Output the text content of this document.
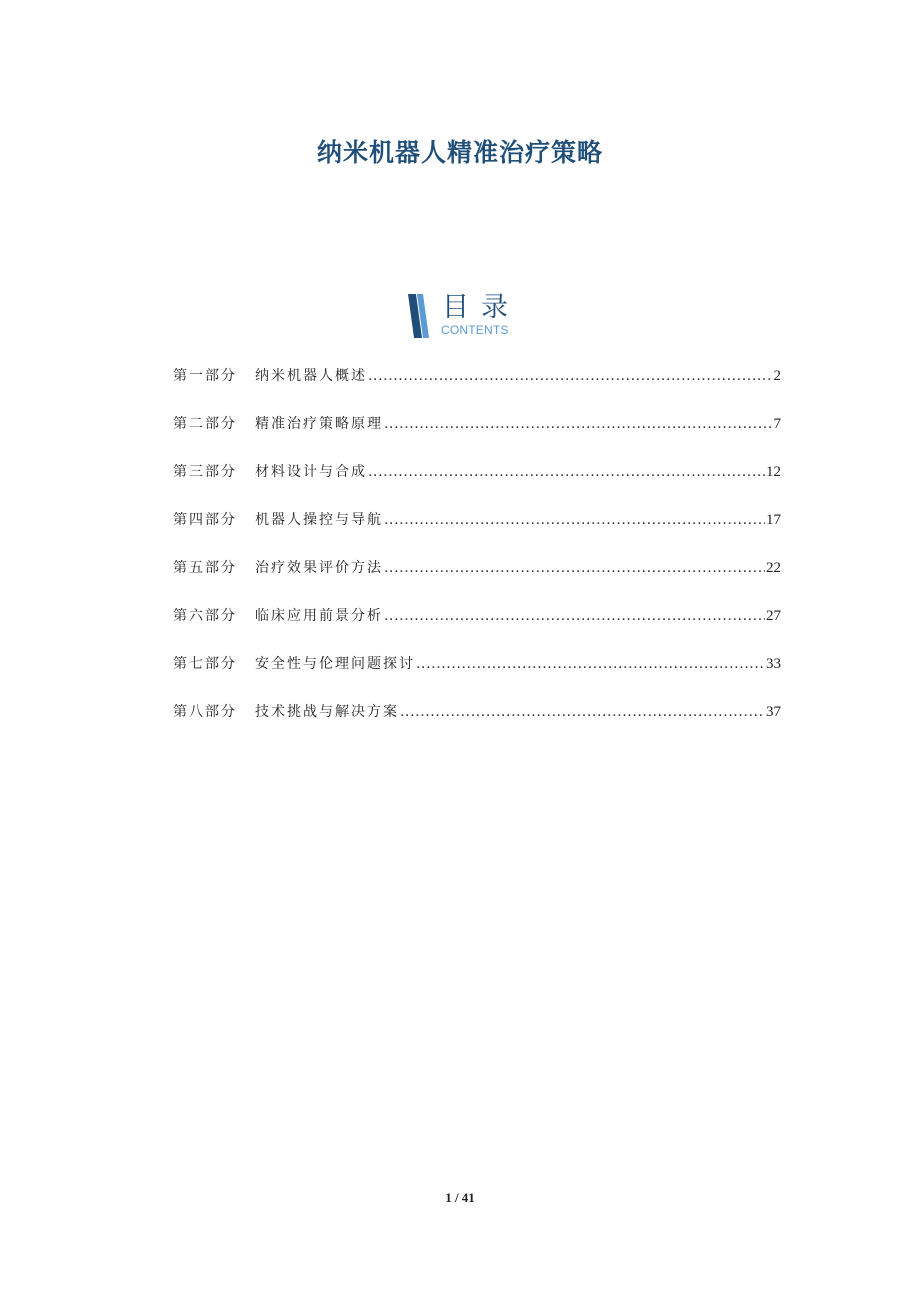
纳米机器人精准治疗策略
目录
CONTENTS
第一部分	纳米机器人概述 .....	2
第二部分	精准治疗策略原理 .....	7
第三部分	材料设计与合成 .....	12
第四部分	机器人操控与导航 .....	17
第五部分	治疗效果评价方法 .....	22
第六部分	临床应用前景分析 .....	27
第七部分	安全性与伦理问题探讨 .....	33
第八部分	技术挑战与解决方案 .....	37
1 / 41
